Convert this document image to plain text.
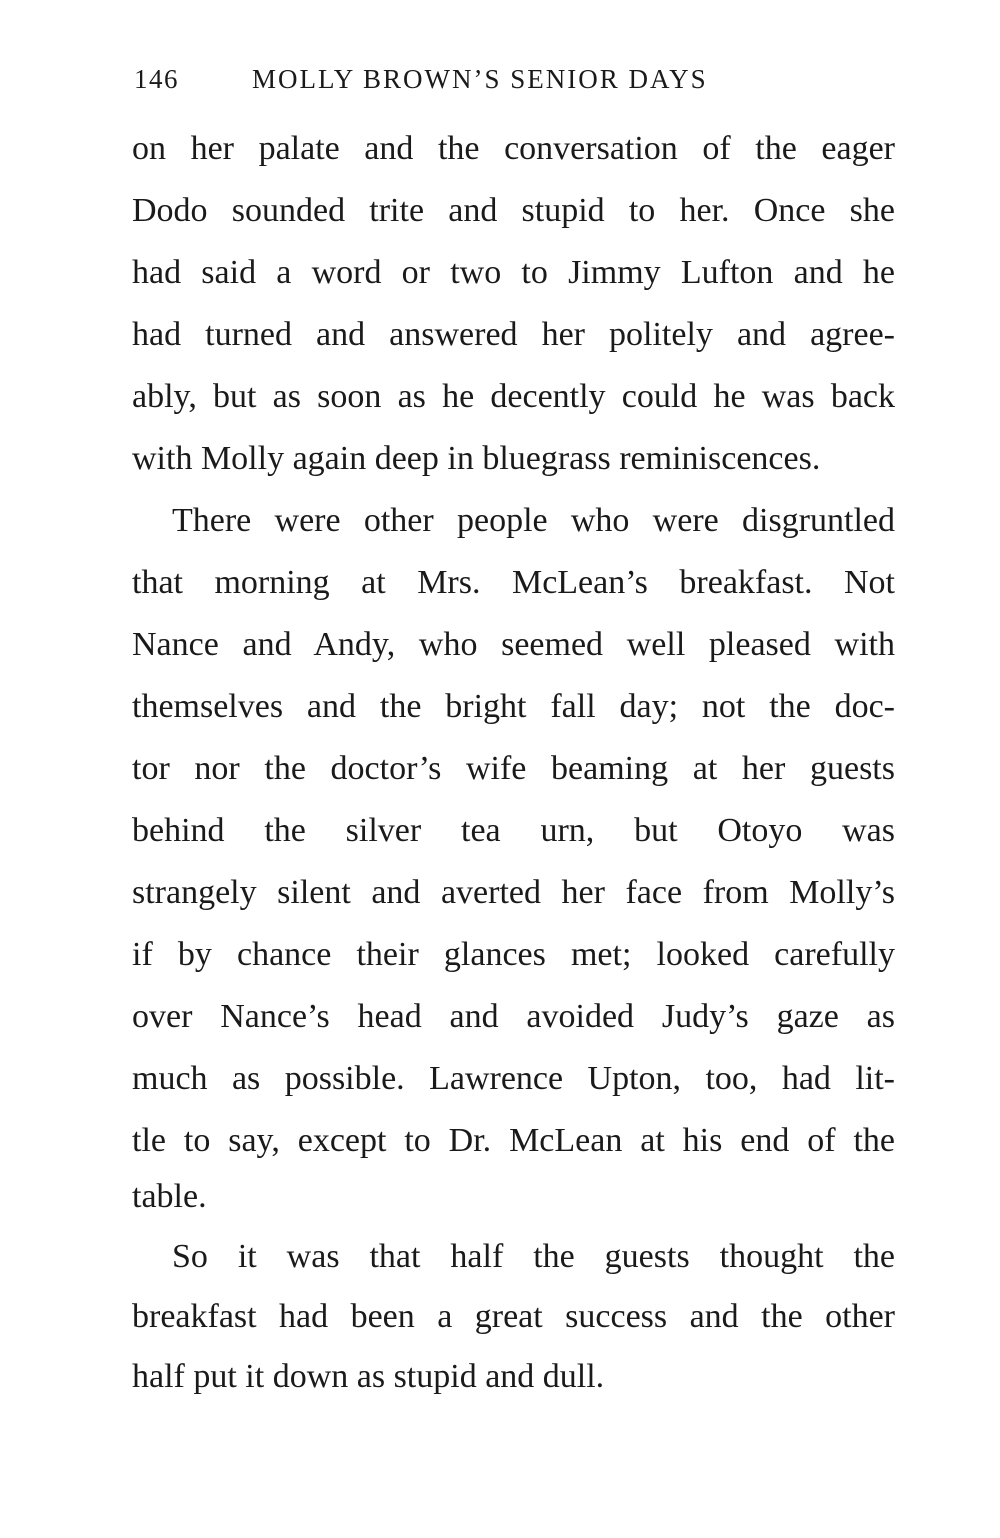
146	MOLLY BROWN’S SENIOR DAYS
on her palate and the conversation of the eager
Dodo sounded trite and stupid to her. Once she
had said a word or two to Jimmy Lufton and he
had turned and answered her politely and agree-
ably, but as soon as he decently could he was back
with Molly again deep in bluegrass reminiscences.
There were other people who were disgruntled
that morning at Mrs. McLean’s breakfast. Not
Nance and Andy, who seemed well pleased with
themselves and the bright fall day; not the doc-
tor nor the doctor’s wife beaming at her guests
behind the silver tea urn, but Otoyo was
strangely silent and averted her face from Molly’s
if by chance their glances met; looked carefully
over Nance’s head and avoided Judy’s gaze as
much as possible. Lawrence Upton, too, had lit-
tle to say, except to Dr. McLean at his end of the
table.
So it was that half the guests thought the
breakfast had been a great success and the other
half put it down as stupid and dull.
